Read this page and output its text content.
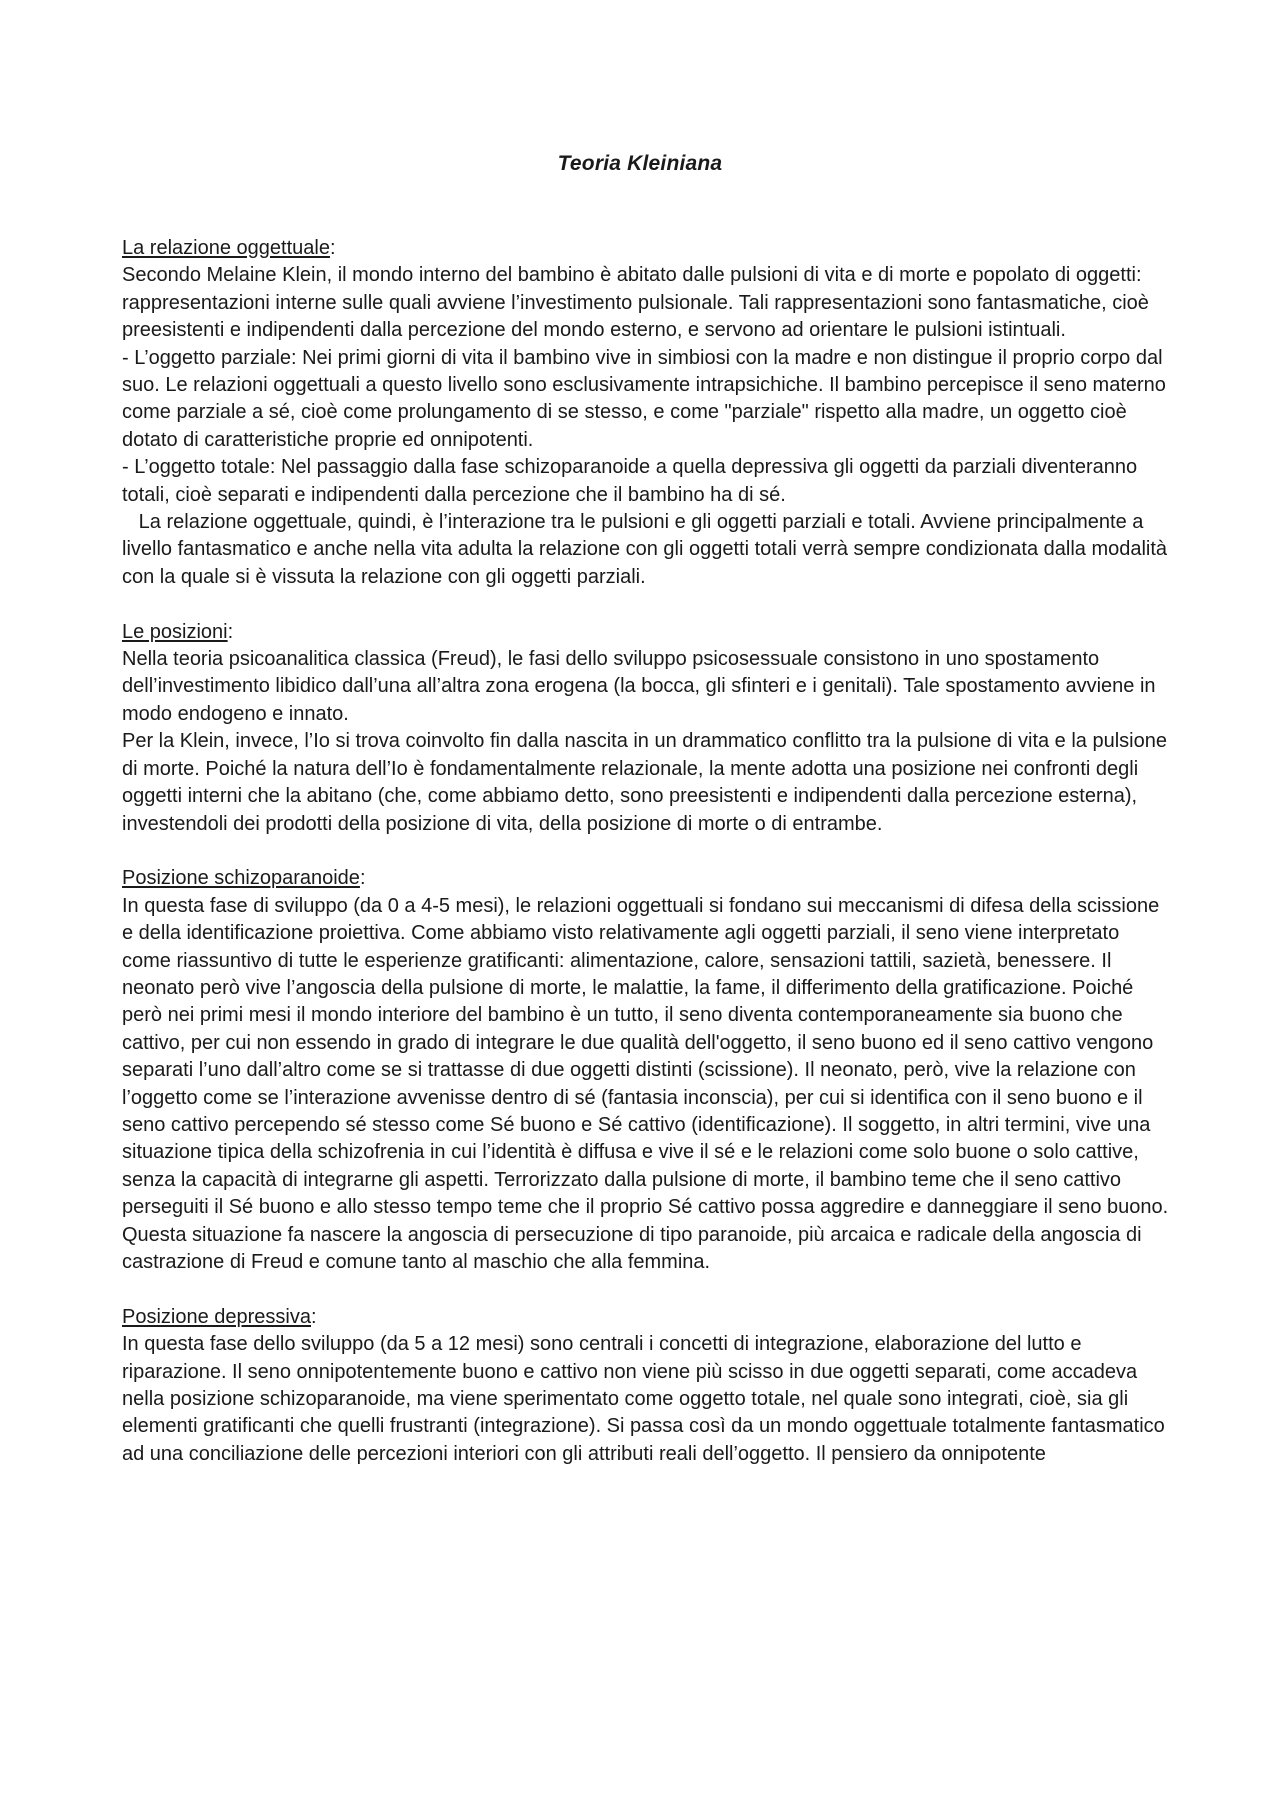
Teoria Kleiniana

La relazione oggettuale:

Secondo Melaine Klein, il mondo interno del bambino è abitato dalle pulsioni di vita e di morte e popolato di oggetti: rappresentazioni interne sulle quali avviene l’investimento pulsionale. Tali rappresentazioni sono fantasmatiche, cioè preesistenti e indipendenti dalla percezione del mondo esterno, e servono ad orientare le pulsioni istintuali.

- L’oggetto parziale: Nei primi giorni di vita il bambino vive in simbiosi con la madre e non distingue il proprio corpo dal suo. Le relazioni oggettuali a questo livello sono esclusivamente intrapsichiche. Il bambino percepisce il seno materno come parziale a sé, cioè come prolungamento di se stesso, e come "parziale" rispetto alla madre, un oggetto cioè dotato di caratteristiche proprie ed onnipotenti.

- L’oggetto totale: Nel passaggio dalla fase schizoparanoide a quella depressiva gli oggetti da parziali diventeranno totali, cioè separati e indipendenti dalla percezione che il bambino ha di sé.

La relazione oggettuale, quindi, è l’interazione tra le pulsioni e gli oggetti parziali e totali. Avviene principalmente a livello fantasmatico e anche nella vita adulta la relazione con gli oggetti totali verrà sempre condizionata dalla modalità con la quale si è vissuta la relazione con gli oggetti parziali.

Le posizioni:

Nella teoria psicoanalitica classica (Freud), le fasi dello sviluppo psicosessuale consistono in uno spostamento dell’investimento libidico dall’una all’altra zona erogena (la bocca, gli sfinteri e i genitali). Tale spostamento avviene in modo endogeno e innato.

Per la Klein, invece, l’Io si trova coinvolto fin dalla nascita in un drammatico conflitto tra la pulsione di vita e la pulsione di morte. Poiché la natura dell’Io è fondamentalmente relazionale, la mente adotta una posizione nei confronti degli oggetti interni che la abitano (che, come abbiamo detto, sono preesistenti e indipendenti dalla percezione esterna), investendoli dei prodotti della posizione di vita, della posizione di morte o di entrambe.

Posizione schizoparanoide:

In questa fase di sviluppo (da 0 a 4-5 mesi), le relazioni oggettuali si fondano sui meccanismi di difesa della scissione e della identificazione proiettiva. Come abbiamo visto relativamente agli oggetti parziali, il seno viene interpretato come riassuntivo di tutte le esperienze gratificanti: alimentazione, calore, sensazioni tattili, sazietà, benessere. Il neonato però vive l’angoscia della pulsione di morte, le malattie, la fame, il differimento della gratificazione. Poiché però nei primi mesi il mondo interiore del bambino è un tutto, il seno diventa contemporaneamente sia buono che cattivo, per cui non essendo in grado di integrare le due qualità dell'oggetto, il seno buono ed il seno cattivo vengono separati l’uno dall’altro come se si trattasse di due oggetti distinti (scissione). Il neonato, però, vive la relazione con l’oggetto come se l’interazione avvenisse dentro di sé (fantasia inconscia), per cui si identifica con il seno buono e il seno cattivo percependo sé stesso come Sé buono e Sé cattivo (identificazione). Il soggetto, in altri termini, vive una situazione tipica della schizofrenia in cui l’identità è diffusa e vive il sé e le relazioni come solo buone o solo cattive, senza la capacità di integrarne gli aspetti. Terrorizzato dalla pulsione di morte, il bambino teme che il seno cattivo perseguiti il Sé buono e allo stesso tempo teme che il proprio Sé cattivo possa aggredire e danneggiare il seno buono. Questa situazione fa nascere la angoscia di persecuzione di tipo paranoide, più arcaica e radicale della angoscia di castrazione di Freud e comune tanto al maschio che alla femmina.

Posizione depressiva:

In questa fase dello sviluppo (da 5 a 12 mesi) sono centrali i concetti di integrazione, elaborazione del lutto e riparazione. Il seno onnipotentemente buono e cattivo non viene più scisso in due oggetti separati, come accadeva nella posizione schizoparanoide, ma viene sperimentato come oggetto totale, nel quale sono integrati, cioè, sia gli elementi gratificanti che quelli frustranti (integrazione). Si passa così da un mondo oggettuale totalmente fantasmatico ad una conciliazione delle percezioni interiori con gli attributi reali dell’oggetto. Il pensiero da onnipotente
